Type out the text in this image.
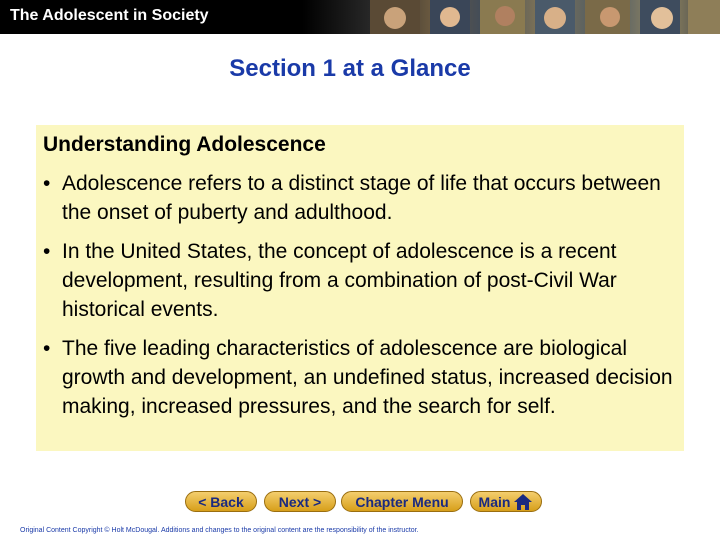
The Adolescent in Society
Section 1 at a Glance
Understanding Adolescence
• Adolescence refers to a distinct stage of life that occurs between the onset of puberty and adulthood.
• In the United States, the concept of adolescence is a recent development, resulting from a combination of post-Civil War historical events.
• The five leading characteristics of adolescence are biological growth and development, an undefined status, increased decision making, increased pressures, and the search for self.
< Back	Next > Chapter Menu Main
Original Content Copyright © Holt McDougal. Additions and changes to the original content are the responsibility of the instructor.
